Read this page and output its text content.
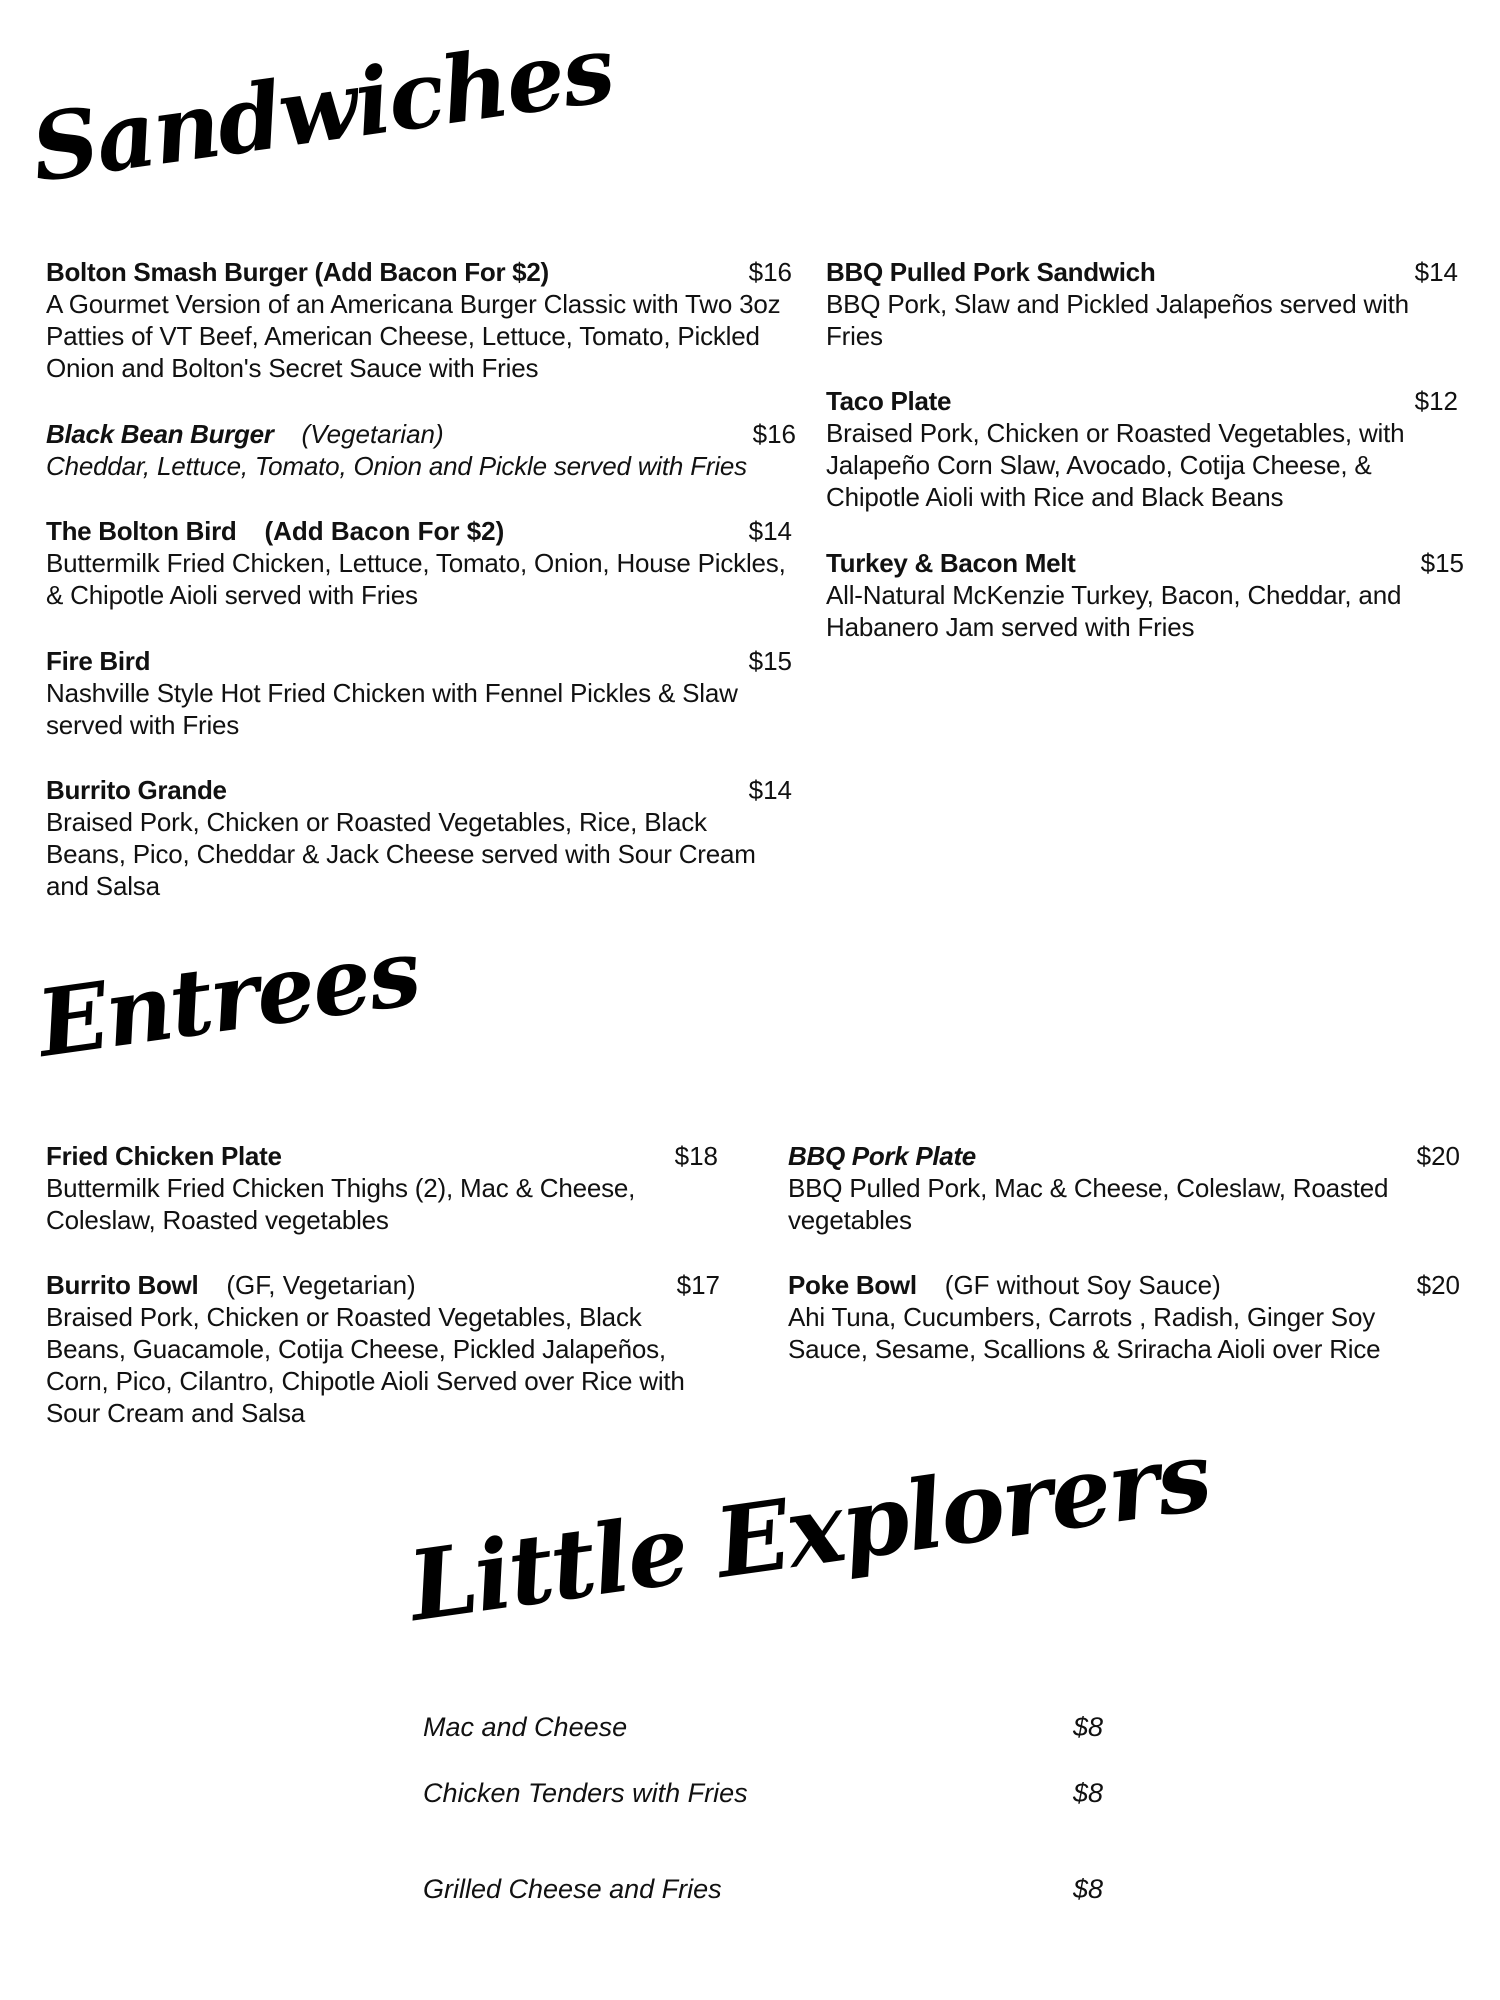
Sandwiches
Bolton Smash Burger (Add Bacon For $2)	$16
A Gourmet Version of an Americana Burger Classic with Two 3oz Patties of VT Beef, American Cheese, Lettuce, Tomato, Pickled Onion and Bolton's Secret Sauce with Fries
Black Bean Burger (Vegetarian)	$16
Cheddar, Lettuce, Tomato, Onion and Pickle served with Fries
The Bolton Bird (Add Bacon For $2)	$14
Buttermilk Fried Chicken, Lettuce, Tomato, Onion, House Pickles, & Chipotle Aioli served with Fries
Fire Bird	$15
Nashville Style Hot Fried Chicken with Fennel Pickles & Slaw served with Fries
Burrito Grande	$14
Braised Pork, Chicken or Roasted Vegetables, Rice, Black Beans, Pico, Cheddar & Jack Cheese served with Sour Cream and Salsa
BBQ Pulled Pork Sandwich	$14
BBQ Pork, Slaw and Pickled Jalapeños served with Fries
Taco Plate	$12
Braised Pork, Chicken or Roasted Vegetables, with Jalapeño Corn Slaw, Avocado, Cotija Cheese, & Chipotle Aioli with Rice and Black Beans
Turkey & Bacon Melt	$15
All-Natural McKenzie Turkey, Bacon, Cheddar, and Habanero Jam served with Fries
Entrees
Fried Chicken Plate	$18
Buttermilk Fried Chicken Thighs (2), Mac & Cheese, Coleslaw, Roasted vegetables
Burrito Bowl (GF, Vegetarian)	$17
Braised Pork, Chicken or Roasted Vegetables, Black Beans, Guacamole, Cotija Cheese, Pickled Jalapeños, Corn, Pico, Cilantro, Chipotle Aioli Served over Rice with Sour Cream and Salsa
BBQ Pork Plate	$20
BBQ Pulled Pork, Mac & Cheese, Coleslaw, Roasted vegetables
Poke Bowl (GF without Soy Sauce)	$20
Ahi Tuna, Cucumbers, Carrots , Radish, Ginger Soy Sauce, Sesame, Scallions & Sriracha Aioli over Rice
Little Explorers
Mac and Cheese	$8
Chicken Tenders with Fries	$8
Grilled Cheese and Fries	$8
